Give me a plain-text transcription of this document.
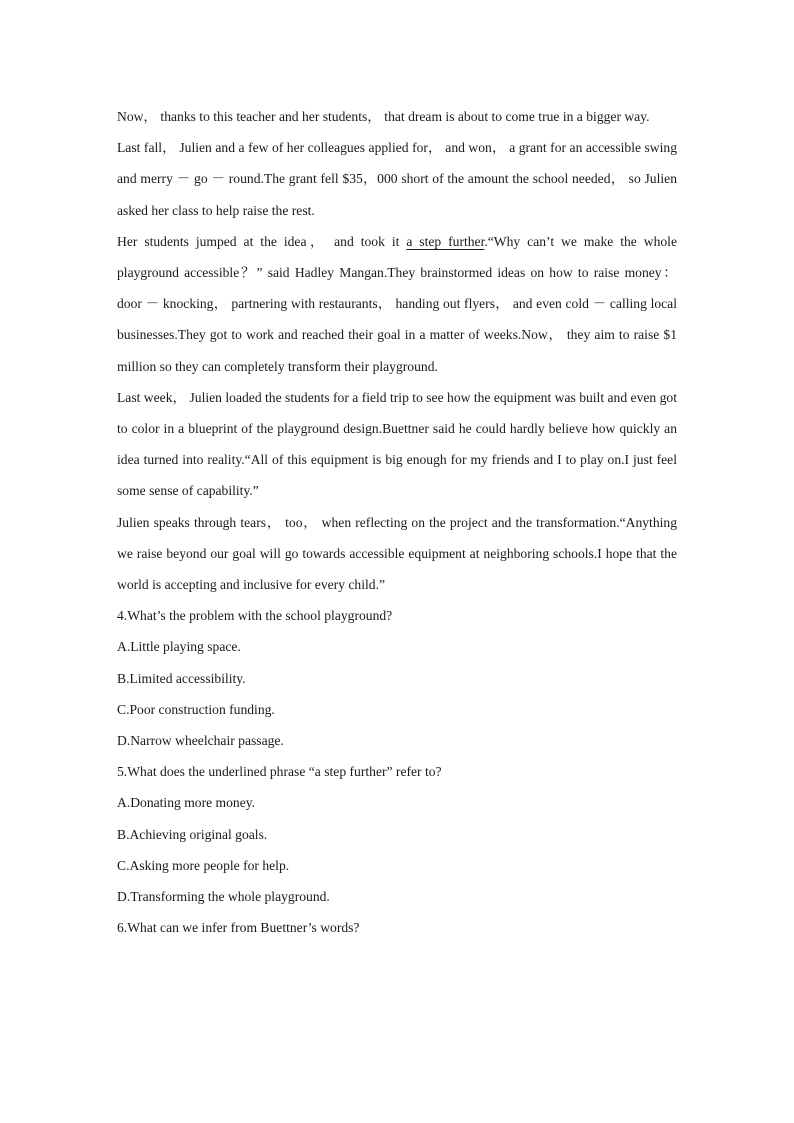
Now， thanks to this teacher and her students， that dream is about to come true in a bigger way.

Last fall， Julien and a few of her colleagues applied for， and won， a grant for an accessible swing and merry － go － round.The grant fell $35，000 short of the amount the school needed， so Julien asked her class to help raise the rest.

Her students jumped at the idea， and took it a step further.“Why can’t we make the whole playground accessible？” said Hadley Mangan.They brainstormed ideas on how to raise money： door － knocking， partnering with restaurants， handing out flyers， and even cold － calling local businesses.They got to work and reached their goal in a matter of weeks.Now， they aim to raise $1 million so they can completely transform their playground.

Last week， Julien loaded the students for a field trip to see how the equipment was built and even got to color in a blueprint of the playground design.Buettner said he could hardly believe how quickly an idea turned into reality.“All of this equipment is big enough for my friends and I to play on.I just feel some sense of capability.”

Julien speaks through tears， too， when reflecting on the project and the transformation.“Anything we raise beyond our goal will go towards accessible equipment at neighboring schools.I hope that the world is accepting and inclusive for every child.”

4.What’s the problem with the school playground?

A.Little playing space.

B.Limited accessibility.

C.Poor construction funding.

D.Narrow wheelchair passage.

5.What does the underlined phrase “a step further” refer to?

A.Donating more money.

B.Achieving original goals.

C.Asking more people for help.

D.Transforming the whole playground.

6.What can we infer from Buettner’s words?
